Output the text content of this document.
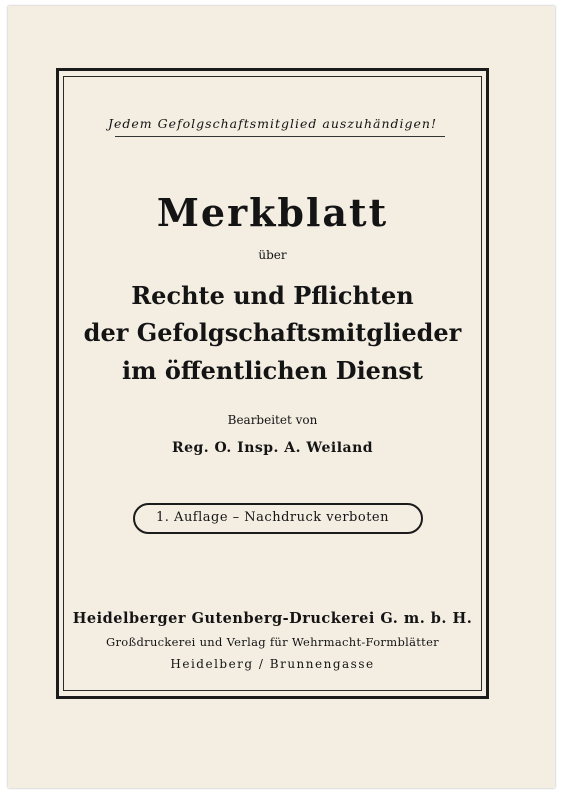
Jedem Gefolgschaftsmitglied auszuhändigen!
Merkblatt
über
Rechte und Pflichten
der Gefolgschaftsmitglieder
im öffentlichen Dienst
Bearbeitet von
Reg. O. Insp. A. Weiland
1. Auflage – Nachdruck verboten
Heidelberger Gutenberg-Druckerei G. m. b. H.
Großdruckerei und Verlag für Wehrmacht-Formblätter
Heidelberg / Brunnengasse
